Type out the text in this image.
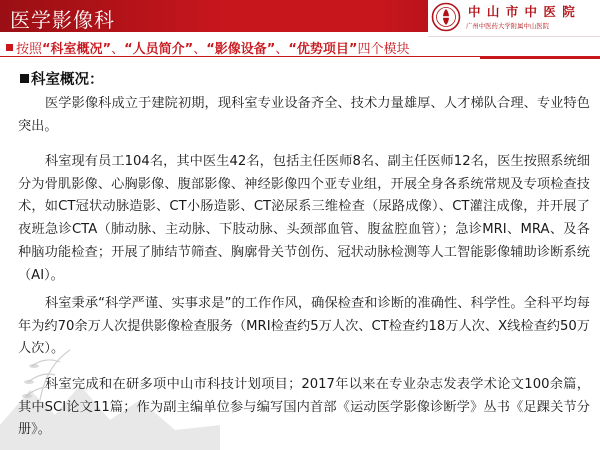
医学影像科	中 山 市 中 医 院
广州中医药大学附属中山医院
按照 “科室概况” 、 “人员简介” 、 “影像设备” 、 “优势项目” 四个模块
科室概况：

医学影像科成立于建院初期，现科室专业设备齐全、技术力量雄厚、人才梯队合理、专业特色突出。

科室现有员工104名，其中医生42名，包括主任医师8名、副主任医师12名，医生按照系统细分为骨肌影像、心胸影像、腹部影像、神经影像四个亚专业组，开展全身各系统常规及专项检查技术，如CT冠状动脉造影、CT小肠造影、CT泌尿系三维检查（尿路成像）、CT灌注成像，并开展了夜班急诊CTA（肺动脉、主动脉、下肢动脉、头颈部血管、腹盆腔血管）；急诊MRI、MRA、及各种脑功能检查；开展了肺结节筛查、胸廓骨关节创伤、冠状动脉检测等人工智能影像辅助诊断系统（AI）。

科室秉承“科学严谨、实事求是”的工作作风，确保检查和诊断的准确性、科学性。全科平均每年为约70余万人次提供影像检查服务（MRI检查约5万人次、CT检查约18万人次、X线检查约50万人次）。

科室完成和在研多项中山市科技计划项目；2017年以来在专业杂志发表学术论文100余篇，其中SCI论文11篇；作为副主编单位参与编写国内首部《运动医学影像诊断学》丛书《足踝关节分册》。
